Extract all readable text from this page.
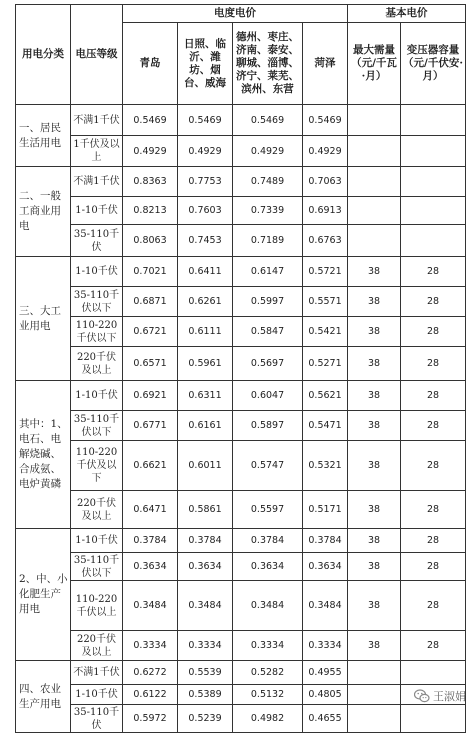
用电分类	电压等级	电度电价				基本电价	
		青岛	日照、临沂、潍坊、烟台、威海	德州、枣庄、济南、泰安、聊城、淄博、济宁、莱芜、滨州、东营	菏泽	最大需量（元/千瓦·月）	变压器容量（元/千伏安·月）
一、居民生活用电	不满1千伏	0.5469	0.5469	0.5469	0.5469		
	1千伏及以上	0.4929	0.4929	0.4929	0.4929		
二、一般工商业用电	不满1千伏	0.8363	0.7753	0.7489	0.7063		
	1-10千伏	0.8213	0.7603	0.7339	0.6913		
	35-110千伏	0.8063	0.7453	0.7189	0.6763		
三、大工业用电	1-10千伏	0.7021	0.6411	0.6147	0.5721	38	28
	35-110千伏以下	0.6871	0.6261	0.5997	0.5571	38	28
	110-220千伏以下	0.6721	0.6111	0.5847	0.5421	38	28
	220千伏及以上	0.6571	0.5961	0.5697	0.5271	38	28
其中：1、电石、电解烧碱、合成氨、电炉黄磷	1-10千伏	0.6921	0.6311	0.6047	0.5621	38	28
	35-110千伏以下	0.6771	0.6161	0.5897	0.5471	38	28
	110-220千伏及以下	0.6621	0.6011	0.5747	0.5321	38	28
	220千伏及以上	0.6471	0.5861	0.5597	0.5171	38	28
2、中、小化肥生产用电	1-10千伏	0.3784	0.3784	0.3784	0.3784	38	28
	35-110千伏以下	0.3634	0.3634	0.3634	0.3634	38	28
	110-220千伏以上	0.3484	0.3484	0.3484	0.3484	38	28
	220千伏及以上	0.3334	0.3334	0.3334	0.3334	38	28
四、农业生产用电	不满1千伏	0.6272	0.5539	0.5282	0.4955		
	1-10千伏	0.6122	0.5389	0.5132	0.4805		
	35-110千伏	0.5972	0.5239	0.4982	0.4655		
王淑娟
